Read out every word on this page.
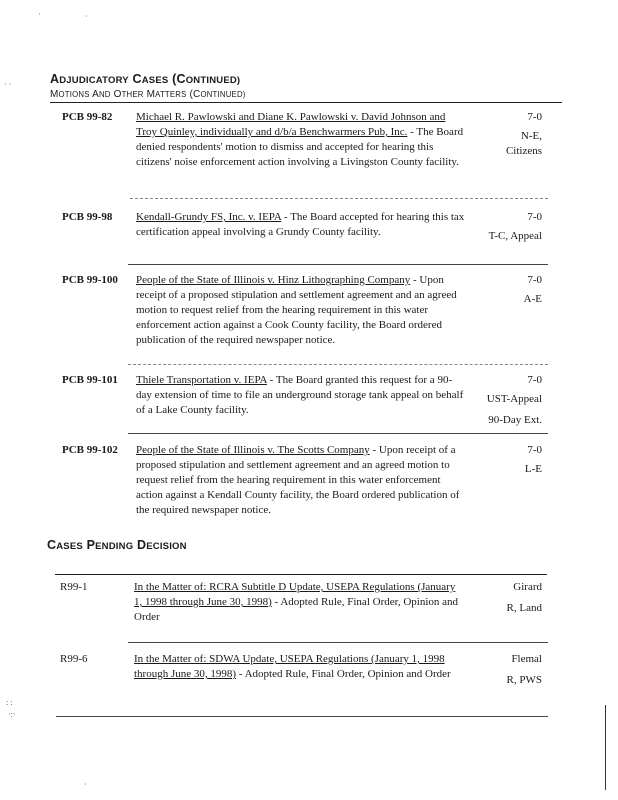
·	·
· ·
: :
·:·
ADJUDICATORY CASES (CONTINUED)
MOTIONS AND OTHER MATTERS (CONTINUED)
PCB 99-82 Michael R. Pawlowski and Diane K. Pawlowski v. David Johnson and Troy Quinley, individually and d/b/a Benchwarmers Pub, Inc. - The Board denied respondents' motion to dismiss and accepted for hearing this citizens' noise enforcement action involving a Livingston County facility.
7-0
N-E,
Citizens
PCB 99-98 Kendall-Grundy FS, Inc. v. IEPA - The Board accepted for hearing this tax certification appeal involving a Grundy County facility.
7-0
T-C, Appeal
PCB 99-100 People of the State of Illinois v. Hinz Lithographing Company - Upon receipt of a proposed stipulation and settlement agreement and an agreed motion to request relief from the hearing requirement in this water enforcement action against a Cook County facility, the Board ordered publication of the required newspaper notice.
7-0
A-E
PCB 99-101 Thiele Transportation v. IEPA - The Board granted this request for a 90-day extension of time to file an underground storage tank appeal on behalf of a Lake County facility.
7-0
UST-Appeal
90-Day Ext.
PCB 99-102 People of the State of Illinois v. The Scotts Company - Upon receipt of a proposed stipulation and settlement agreement and an agreed motion to request relief from the hearing requirement in this water enforcement action against a Kendall County facility, the Board ordered publication of the required newspaper notice.
7-0
L-E
CASES PENDING DECISION
R99-1	In the Matter of: RCRA Subtitle D Update, USEPA Regulations (January 1, 1998 through June 30, 1998) - Adopted Rule, Final Order, Opinion and Order
Girard
R, Land
R99-6	In the Matter of: SDWA Update, USEPA Regulations (January 1, 1998 through June 30, 1998) - Adopted Rule, Final Order, Opinion and Order
Flemal
R, PWS
·
